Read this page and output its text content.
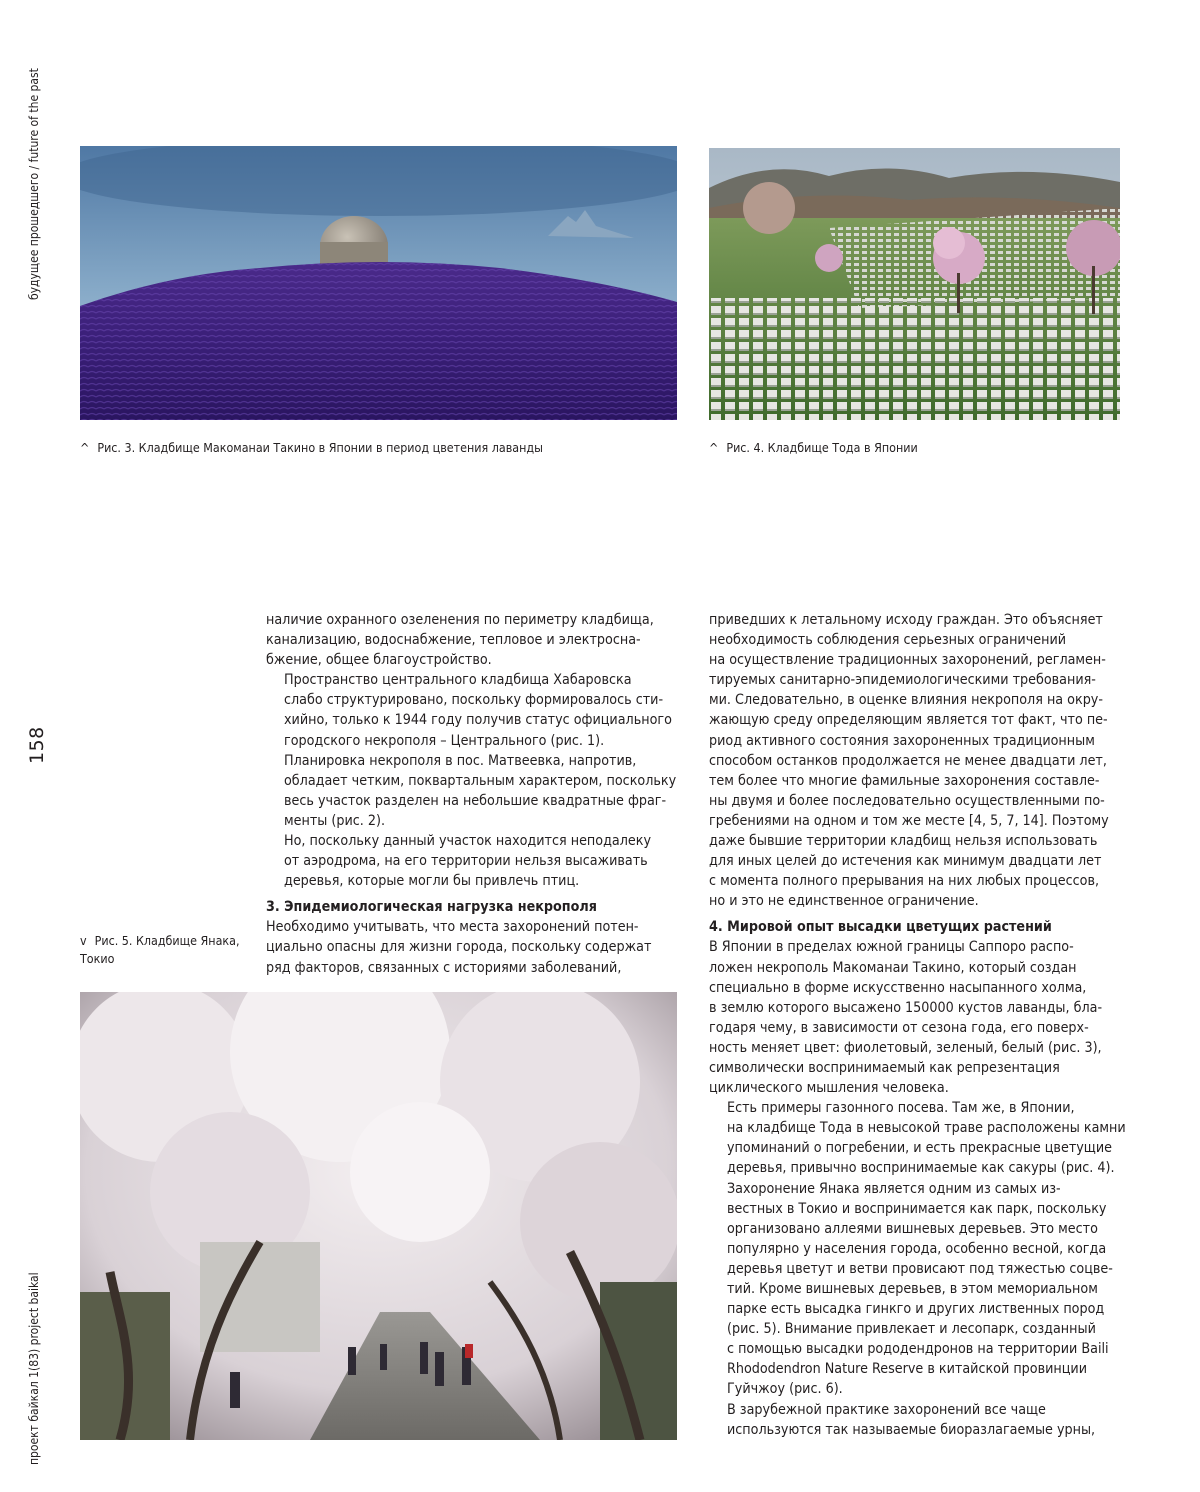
будущее прошедшего / future of the past
158
проект байкал 1(83) project baikal
^ Рис. 3. Кладбище Макоманаи Такино в Японии в период цветения лаванды	^ Рис. 4. Кладбище Тода в Японии
v Рис. 5. Кладбище Янака,
Токио

наличие охранного озеленения по периметру кладбища,
канализацию, водоснабжение, тепловое и электросна-
бжение, общее благоустройство.

Пространство центрального кладбища Хабаровска
слабо структурировано, поскольку формировалось сти-
хийно, только к 1944 году получив статус официального
городского некрополя – Центрального (рис. 1).

Планировка некрополя в пос. Матвеевка, напротив,
обладает четким, поквартальным характером, поскольку
весь участок разделен на небольшие квадратные фраг-
менты (рис. 2).

Но, поскольку данный участок находится неподалеку
от аэродрома, на его территории нельзя высаживать
деревья, которые могли бы привлечь птиц.

3. Эпидемиологическая нагрузка некрополя

Необходимо учитывать, что места захоронений потен-
циально опасны для жизни города, поскольку содержат
ряд факторов, связанных с историями заболеваний,

приведших к летальному исходу граждан. Это объясняет
необходимость соблюдения серьезных ограничений
на осуществление традиционных захоронений, регламен-
тируемых санитарно-эпидемиологическими требования-
ми. Следовательно, в оценке влияния некрополя на окру-
жающую среду определяющим является тот факт, что пе-
риод активного состояния захороненных традиционным
способом останков продолжается не менее двадцати лет,
тем более что многие фамильные захоронения составле-
ны двумя и более последовательно осуществленными по-
гребениями на одном и том же месте [4, 5, 7, 14]. Поэтому
даже бывшие территории кладбищ нельзя использовать
для иных целей до истечения как минимум двадцати лет
с момента полного прерывания на них любых процессов,
но и это не единственное ограничение.

4. Мировой опыт высадки цветущих растений

В Японии в пределах южной границы Саппоро распо-
ложен некрополь Макоманаи Такино, который создан
специально в форме искусственно насыпанного холма,
в землю которого высажено 150000 кустов лаванды, бла-
годаря чему, в зависимости от сезона года, его поверх-
ность меняет цвет: фиолетовый, зеленый, белый (рис. 3),
символически воспринимаемый как репрезентация
циклического мышления человека.

Есть примеры газонного посева. Там же, в Японии,
на кладбище Тода в невысокой траве расположены камни
упоминаний о погребении, и есть прекрасные цветущие
деревья, привычно воспринимаемые как сакуры (рис. 4).

Захоронение Янака является одним из самых из-
вестных в Токио и воспринимается как парк, поскольку
организовано аллеями вишневых деревьев. Это место
популярно у населения города, особенно весной, когда
деревья цветут и ветви провисают под тяжестью соцве-
тий. Кроме вишневых деревьев, в этом мемориальном
парке есть высадка гинкго и других лиственных пород
(рис. 5). Внимание привлекает и лесопарк, созданный
с помощью высадки рододендронов на территории Baili
Rhododendron Nature Reserve в китайской провинции
Гуйчжоу (рис. 6).

В зарубежной практике захоронений все чаще
используются так называемые биоразлагаемые урны,
